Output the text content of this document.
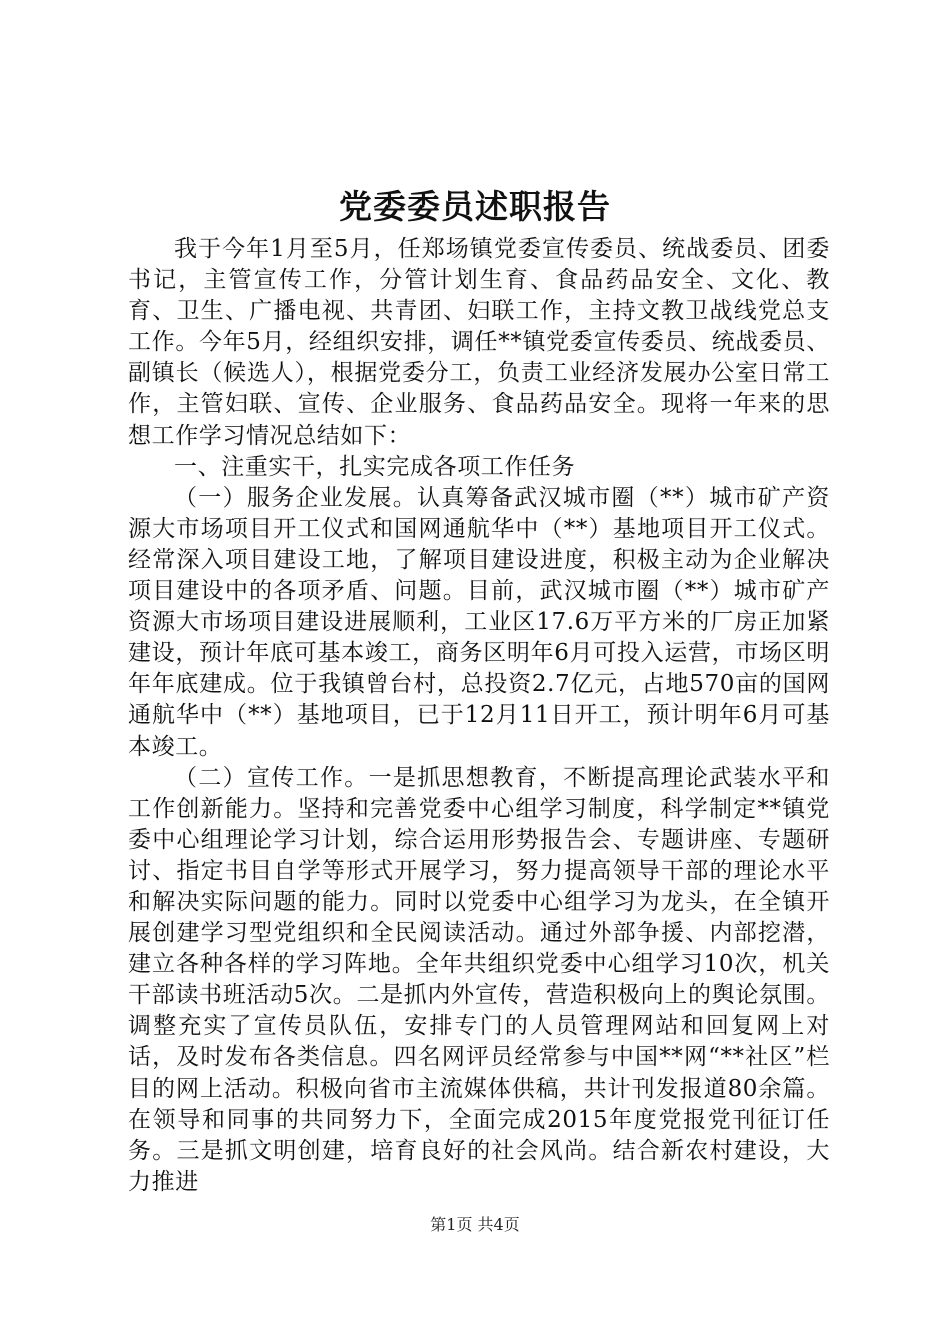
党委委员述职报告

我于今年1月至5月，任郑场镇党委宣传委员、统战委员、团委书记，主管宣传工作，分管计划生育、食品药品安全、文化、教育、卫生、广播电视、共青团、妇联工作，主持文教卫战线党总支工作。今年5月，经组织安排，调任**镇党委宣传委员、统战委员、副镇长（候选人），根据党委分工，负责工业经济发展办公室日常工作，主管妇联、宣传、企业服务、食品药品安全。现将一年来的思想工作学习情况总结如下：

一、注重实干，扎实完成各项工作任务

（一）服务企业发展。认真筹备武汉城市圈（**）城市矿产资源大市场项目开工仪式和国网通航华中（**）基地项目开工仪式。经常深入项目建设工地，了解项目建设进度，积极主动为企业解决项目建设中的各项矛盾、问题。目前，武汉城市圈（**）城市矿产资源大市场项目建设进展顺利，工业区17.6万平方米的厂房正加紧建设，预计年底可基本竣工，商务区明年6月可投入运营，市场区明年年底建成。位于我镇曾台村，总投资2.7亿元，占地570亩的国网通航华中（**）基地项目，已于12月11日开工，预计明年6月可基本竣工。

（二）宣传工作。一是抓思想教育，不断提高理论武装水平和工作创新能力。坚持和完善党委中心组学习制度，科学制定**镇党委中心组理论学习计划，综合运用形势报告会、专题讲座、专题研讨、指定书目自学等形式开展学习，努力提高领导干部的理论水平和解决实际问题的能力。同时以党委中心组学习为龙头，在全镇开展创建学习型党组织和全民阅读活动。通过外部争援、内部挖潜，建立各种各样的学习阵地。全年共组织党委中心组学习10次，机关干部读书班活动5次。二是抓内外宣传，营造积极向上的舆论氛围。调整充实了宣传员队伍，安排专门的人员管理网站和回复网上对话，及时发布各类信息。四名网评员经常参与中国**网“**社区”栏目的网上活动。积极向省市主流媒体供稿，共计刊发报道80余篇。在领导和同事的共同努力下，全面完成2015年度党报党刊征订任务。三是抓文明创建，培育良好的社会风尚。结合新农村建设，大力推进

第1页 共4页
